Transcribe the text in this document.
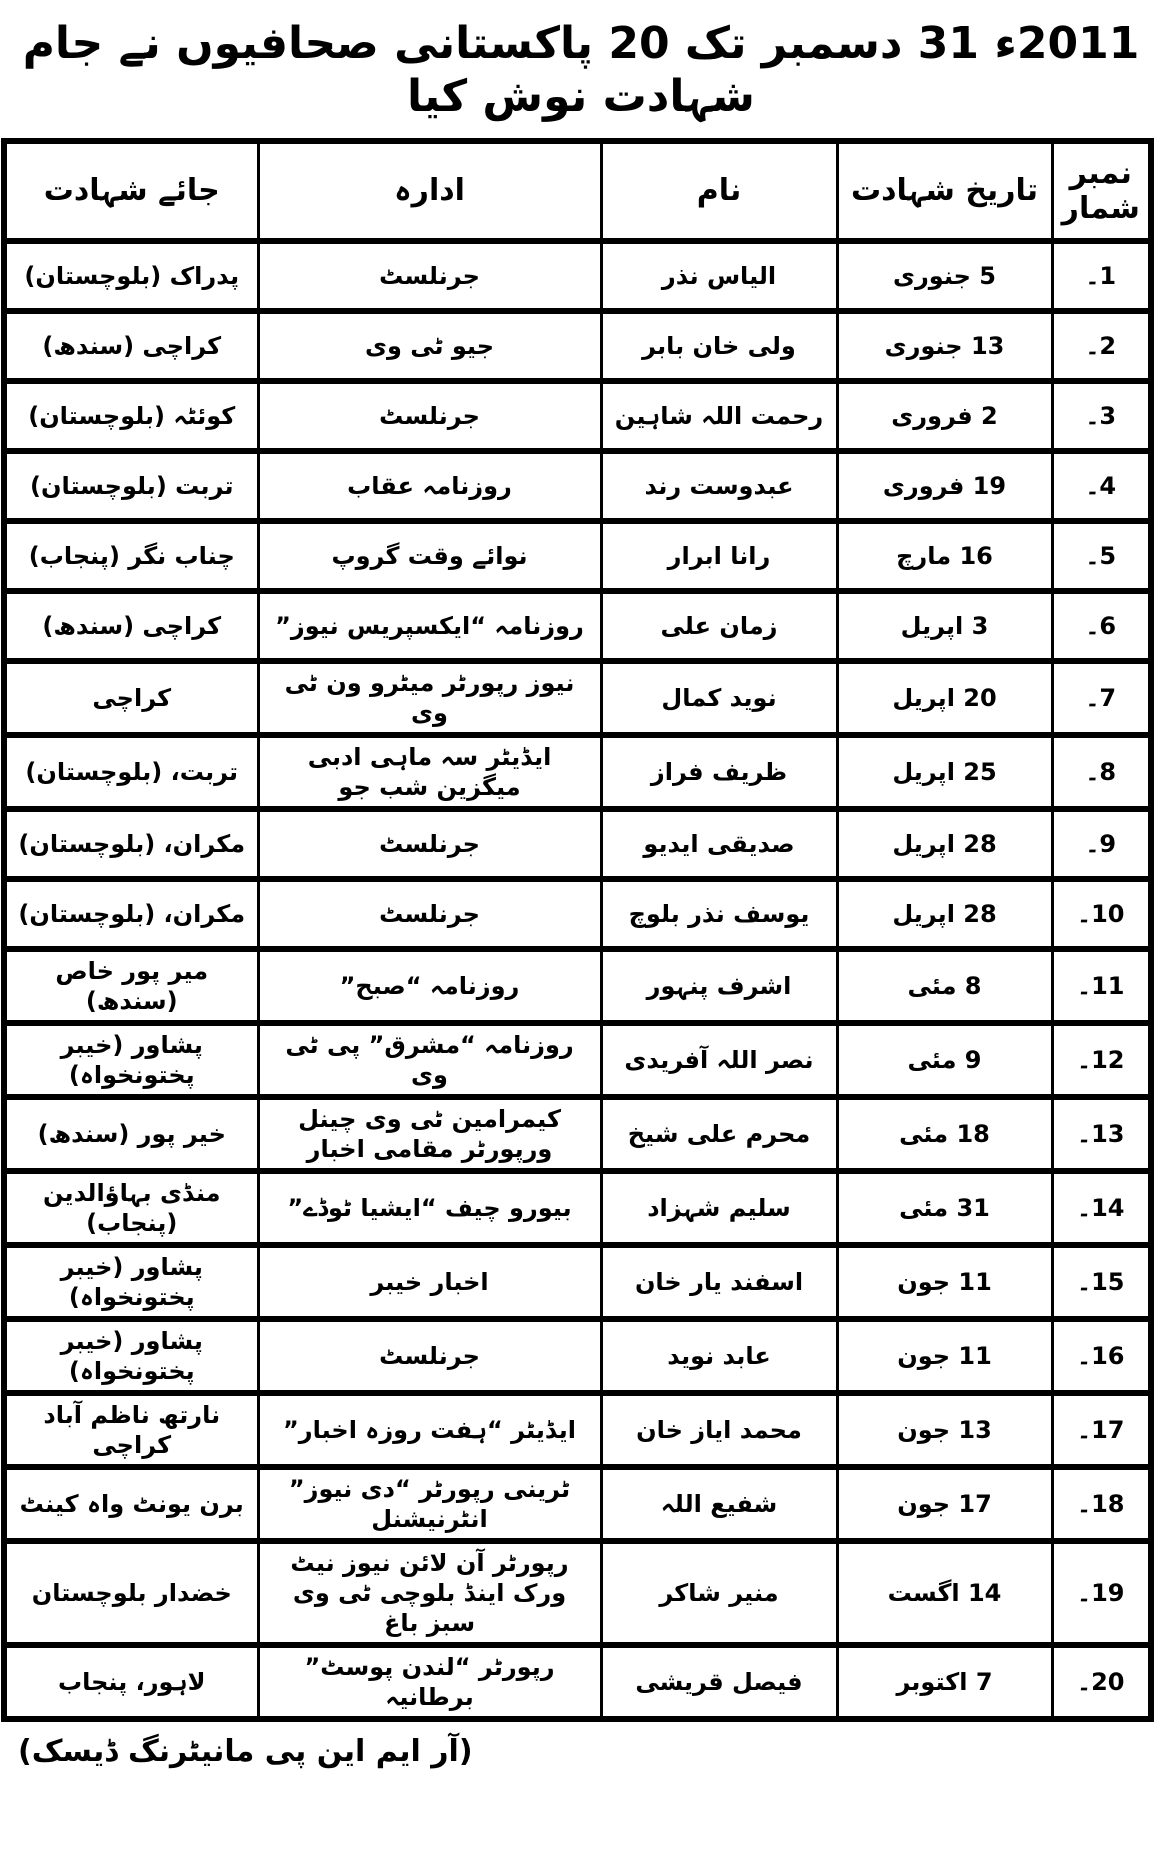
2011ء 31 دسمبر تک 20 پاکستانی صحافیوں نے جام شہادت نوش کیا
نمبر شمار	تاریخ شہادت	نام	ادارہ	جائے شہادت
1۔	5 جنوری	الیاس نذر	جرنلسٹ	پدراک (بلوچستان)
2۔	13 جنوری	ولی خان بابر	جیو ٹی وی	کراچی (سندھ)
3۔	2 فروری	رحمت اللہ شاہین	جرنلسٹ	کوئٹہ (بلوچستان)
4۔	19 فروری	عبدوست رند	روزنامہ عقاب	تربت (بلوچستان)
5۔	16 مارچ	رانا ابرار	نوائے وقت گروپ	چناب نگر (پنجاب)
6۔	3 اپریل	زمان علی	روزنامہ “ایکسپریس نیوز”	کراچی (سندھ)
7۔	20 اپریل	نوید کمال	نیوز رپورٹر میٹرو ون ٹی وی	کراچی
8۔	25 اپریل	ظریف فراز	ایڈیٹر سہ ماہی ادبی میگزین شب جو	تربت، (بلوچستان)
9۔	28 اپریل	صدیقی ایدیو	جرنلسٹ	مکران، (بلوچستان)
10۔	28 اپریل	یوسف نذر بلوچ	جرنلسٹ	مکران، (بلوچستان)
11۔	8 مئی	اشرف پنہور	روزنامہ “صبح”	میر پور خاص (سندھ)
12۔	9 مئی	نصر اللہ آفریدی	روزنامہ “مشرق” پی ٹی وی	پشاور (خیبر پختونخواہ)
13۔	18 مئی	محرم علی شیخ	کیمرامین ٹی وی چینل ورپورٹر مقامی اخبار	خیر پور (سندھ)
14۔	31 مئی	سلیم شہزاد	بیورو چیف “ایشیا ٹوڈے”	منڈی بہاؤالدین (پنجاب)
15۔	11 جون	اسفند یار خان	اخبار خیبر	پشاور (خیبر پختونخواہ)
16۔	11 جون	عابد نوید	جرنلسٹ	پشاور (خیبر پختونخواہ)
17۔	13 جون	محمد ایاز خان	ایڈیٹر “ہفت روزہ اخبار”	نارتھ ناظم آباد کراچی
18۔	17 جون	شفیع اللہ	ٹرینی رپورٹر “دی نیوز” انٹرنیشنل	برن یونٹ واہ کینٹ
19۔	14 اگست	منیر شاکر	رپورٹر آن لائن نیوز نیٹ ورک اینڈ بلوچی ٹی وی سبز باغ	خضدار بلوچستان
20۔	7 اکتوبر	فیصل قریشی	رپورٹر “لندن پوسٹ” برطانیہ	لاہور، پنجاب
(آر ایم این پی مانیٹرنگ ڈیسک)
